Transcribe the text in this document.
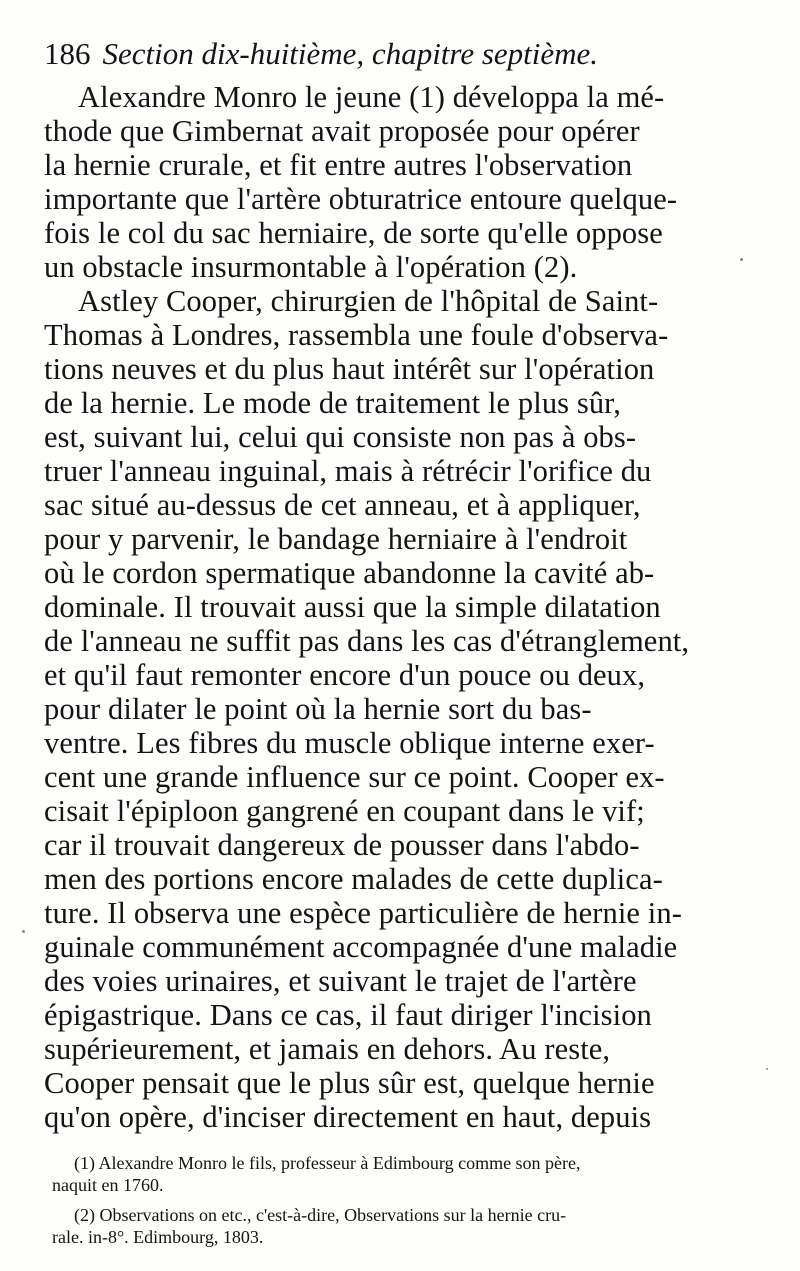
186 Section dix-huitième, chapitre septième.
Alexandre Monro le jeune (1) développa la mé-
thode que Gimbernat avait proposée pour opérer
la hernie crurale, et fit entre autres l'observation
importante que l'artère obturatrice entoure quelque-
fois le col du sac herniaire, de sorte qu'elle oppose
un obstacle insurmontable à l'opération (2).
Astley Cooper, chirurgien de l'hôpital de Saint-
Thomas à Londres, rassembla une foule d'observa-
tions neuves et du plus haut intérêt sur l'opération
de la hernie. Le mode de traitement le plus sûr,
est, suivant lui, celui qui consiste non pas à obs-
truer l'anneau inguinal, mais à rétrécir l'orifice du
sac situé au-dessus de cet anneau, et à appliquer,
pour y parvenir, le bandage herniaire à l'endroit
où le cordon spermatique abandonne la cavité ab-
dominale. Il trouvait aussi que la simple dilatation
de l'anneau ne suffit pas dans les cas d'étranglement,
et qu'il faut remonter encore d'un pouce ou deux,
pour dilater le point où la hernie sort du bas-
ventre. Les fibres du muscle oblique interne exer-
cent une grande influence sur ce point. Cooper ex-
cisait l'épiploon gangrené en coupant dans le vif;
car il trouvait dangereux de pousser dans l'abdo-
men des portions encore malades de cette duplica-
ture. Il observa une espèce particulière de hernie in-
guinale communément accompagnée d'une maladie
des voies urinaires, et suivant le trajet de l'artère
épigastrique. Dans ce cas, il faut diriger l'incision
supérieurement, et jamais en dehors. Au reste,
Cooper pensait que le plus sûr est, quelque hernie
qu'on opère, d'inciser directement en haut, depuis
(1) Alexandre Monro le fils, professeur à Edimbourg comme son père,
naquit en 1760.
(2) Observations on etc., c'est-à-dire, Observations sur la hernie cru-
rale. in-8°. Edimbourg, 1803.
